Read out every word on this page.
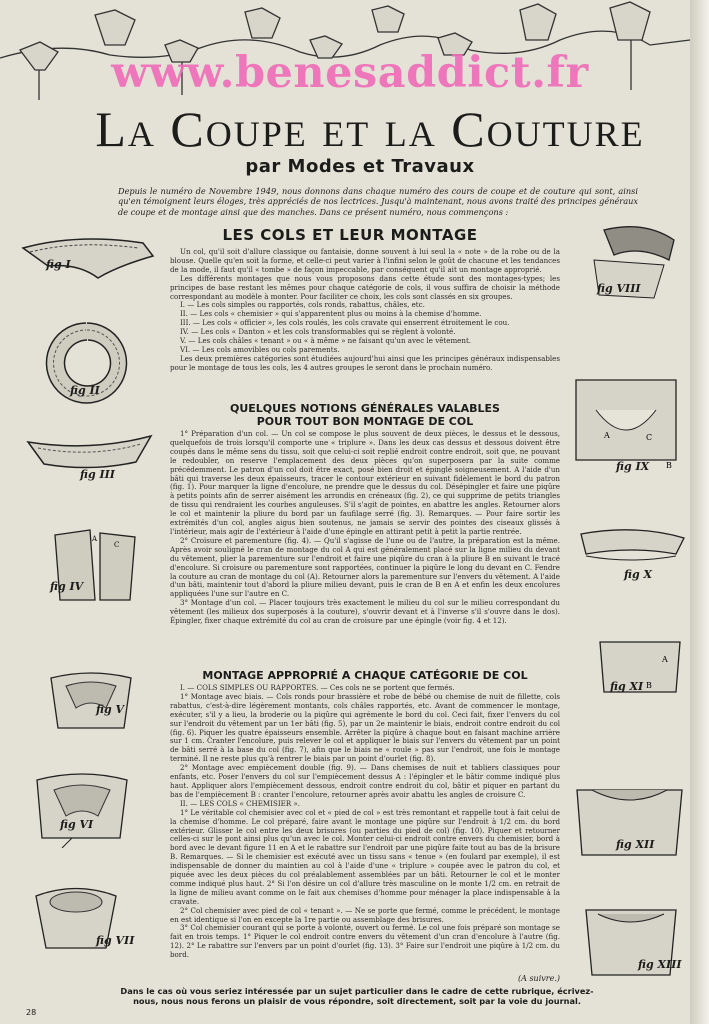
www.benesaddict.fr
LA COUPE ET LA COUTURE
par Modes et Travaux
Depuis le numéro de Novembre 1949, nous donnons dans chaque numéro des cours de coupe et de couture qui sont, ainsi qu'en témoignent leurs éloges, très appréciés de nos lectrices. Jusqu'à maintenant, nous avons traité des principes généraux de coupe et de montage ainsi que des manches. Dans ce présent numéro, nous commençons :
LES COLS ET LEUR MONTAGE

Un col, qu'il soit d'allure classique ou fantaisie, donne souvent à lui seul la « note » de la robe ou de la blouse. Quelle qu'en soit la forme, et celle-ci peut varier à l'infini selon le goût de chacune et les tendances de la mode, il faut qu'il « tombe » de façon impeccable, par conséquent qu'il ait un montage approprié.

Les différents montages que nous vous proposons dans cette étude sont des montages-types; les principes de base restant les mêmes pour chaque catégorie de cols, il vous suffira de choisir la méthode correspondant au modèle à monter. Pour faciliter ce choix, les cols sont classés en six groupes.

I. — Les cols simples ou rapportés, cols ronds, rabattus, châles, etc.

II. — Les cols « chemisier » qui s'apparentent plus ou moins à la chemise d'homme.

III. — Les cols « officier », les cols roulés, les cols cravate qui enserrent étroitement le cou.

IV. — Les cols « Danton » et les cols transformables qui se règlent à volonté.

V. — Les cols châles « tenant » ou « à même » ne faisant qu'un avec le vêtement.

VI. — Les cols amovibles ou cols parements.

Les deux premières catégories sont étudiées aujourd'hui ainsi que les principes généraux indispensables pour le montage de tous les cols, les 4 autres groupes le seront dans le prochain numéro.

QUELQUES NOTIONS GÉNÉRALES VALABLES
POUR TOUT BON MONTAGE DE COL

1° Préparation d'un col. — Un col se compose le plus souvent de deux pièces, le dessus et le dessous, quelquefois de trois lorsqu'il comporte une « triplure ». Dans les deux cas dessus et dessous doivent être coupés dans le même sens du tissu, soit que celui-ci soit replié endroit contre endroit, soit que, ne pouvant le redoubler, on reserve l'emplacement des deux pièces qu'on superposera par la suite comme précédemment. Le patron d'un col doit être exact, posé bien droit et épinglé soigneusement. A l'aide d'un bâti qui traverse les deux épaisseurs, tracer le contour extérieur en suivant fidèlement le bord du patron (fig. 1). Pour marquer la ligne d'encolure, ne prendre que le dessus du col. Désépingler et faire une piqûre à petits points afin de serrer aisément les arrondis en créneaux (fig. 2), ce qui supprime de petits triangles de tissu qui rendraient les courbes anguleuses. S'il s'agit de pointes, en abattre les angles. Retourner alors le col et maintenir la pliure du bord par un faufilage serré (fig. 3). Remarques. — Pour faire sortir les extrémités d'un col, angles aigus bien soutenus, ne jamais se servir des pointes des ciseaux glissés à l'intérieur, mais agir de l'extérieur à l'aide d'une épingle en attirant petit à petit la partie rentrée.

2° Croisure et parementure (fig. 4). — Qu'il s'agisse de l'une ou de l'autre, la préparation est la même. Après avoir souligné le cran de montage du col A qui est généralement placé sur la ligne milieu du devant du vêtement, plier la parementure sur l'endroit et faire une piqûre du cran à la pliure B en suivant le tracé d'encolure. Si croisure ou parementure sont rapportées, continuer la piqûre le long du devant en C. Fendre la couture au cran de montage du col (A). Retourner alors la parementure sur l'envers du vêtement. A l'aide d'un bâti, maintenir tout d'abord la pliure milieu devant, puis le cran de B en A et enfin les deux encolures appliquées l'une sur l'autre en C.

3° Montage d'un col. — Placer toujours très exactement le milieu du col sur le milieu correspondant du vêtement (les milieux dos superposés à la couture), s'ouvrir devant et à l'inverse s'il s'ouvre dans le dos). Épingler, fixer chaque extrémité du col au cran de croisure par une épingle (voir fig. 4 et 12).

MONTAGE APPROPRIÉ A CHAQUE CATÉGORIE DE COL

I. — COLS SIMPLES OU RAPPORTÉS. — Ces cols ne se portent que fermés.

1° Montage avec biais. — Cols ronds pour brassière et robe de bébé ou chemise de nuit de fillette, cols rabattus, c'est-à-dire légèrement montants, cols châles rapportés, etc. Avant de commencer le montage, exécuter, s'il y a lieu, la broderie ou la piqûre qui agrémente le bord du col. Ceci fait, fixer l'envers du col sur l'endroit du vêtement par un 1er bâti (fig. 5), par un 2e maintenir le biais, endroit contre endroit du col (fig. 6). Piquer les quatre épaisseurs ensemble. Arrêter la piqûre à chaque bout en faisant machine arrière sur 1 cm. Cranter l'encolure, puis relever le col et appliquer le biais sur l'envers du vêtement par un point de bâti serré à la base du col (fig. 7), afin que le biais ne « roule » pas sur l'endroit, une fois le montage terminé. Il ne reste plus qu'à rentrer le biais par un point d'ourlet (fig. 8).

2° Montage avec empiècement double (fig. 9). — Dans chemises de nuit et tabliers classiques pour enfants, etc. Poser l'envers du col sur l'empiècement dessus A : l'épingler et le bâtir comme indiqué plus haut. Appliquer alors l'empiècement dessous, endroit contre endroit du col, bâtir et piquer en partant du bas de l'empiècement B : cranter l'encolure, retourner après avoir abattu les angles de croisure C.

II. — LES COLS « CHEMISIER ».

1° Le véritable col chemisier avec col et « pied de col » est très remontant et rappelle tout à fait celui de la chemise d'homme. Le col préparé, faire avant le montage une piqûre sur l'endroit à 1/2 cm. du bord extérieur. Glisser le col entre les deux brisures (ou parties du pied de col) (fig. 10). Piquer et retourner celles-ci sur le pont ainsi plus qu'un avec le col. Monter celui-ci endroit contre envers du chemisier, bord à bord avec le devant figure 11 en A et le rabattre sur l'endroit par une piqûre faite tout au bas de la brisure B. Remarques. — Si le chemisier est exécuté avec un tissu sans « tenue » (en foulard par exemple), il est indispensable de donner du maintien au col à l'aide d'une « triplure » coupée avec le patron du col, et piquée avec les deux pièces du col préalablement assemblées par un bâti. Retourner le col et le monter comme indiqué plus haut. 2° Si l'on désire un col d'allure très masculine on le monte 1/2 cm. en retrait de la ligne de milieu avant comme on le fait aux chemises d'homme pour ménager la place indispensable à la cravate.

2° Col chemisier avec pied de col « tenant ». — Ne se porte que fermé, comme le précédent, le montage en est identique si l'on en excepte la 1re partie ou assemblage des brisures.

3° Col chemisier courant qui se porte à volonté, ouvert ou fermé. Le col une fois préparé son montage se fait en trois temps. 1° Piquer le col endroit contre envers du vêtement d'un cran d'encolure à l'autre (fig. 12). 2° Le rabattre sur l'envers par un point d'ourlet (fig. 13). 3° Faire sur l'endroit une piqûre à 1/2 cm. du bord.

(A suivre.)
Dans le cas où vous seriez intéressée par un sujet particulier dans le cadre de cette rubrique, écrivez-nous, nous nous ferons un plaisir de vous répondre, soit directement, soit par la voie du journal.
28
fig I
fig II
fig III
A
C
fig IV
fig V
fig VI
fig VII
fig VIII
A	C
B
fig IX
fig X
A
B
fig XI
fig XII
fig XIII
